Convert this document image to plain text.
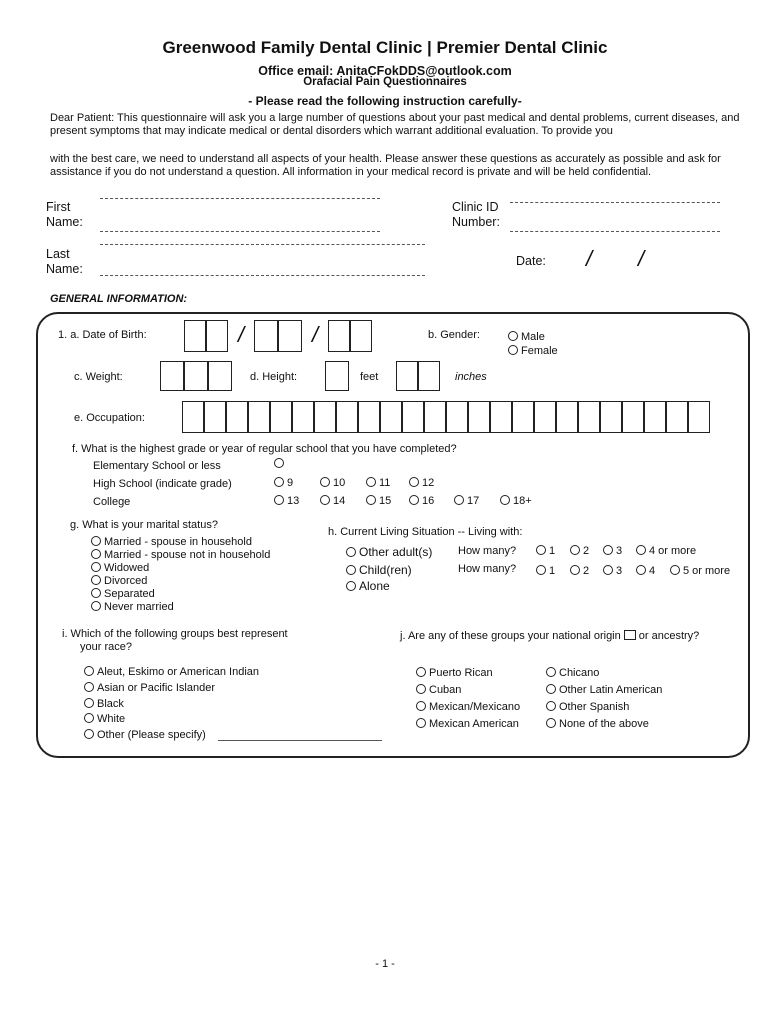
Greenwood Family Dental Clinic | Premier Dental Clinic
Office email: AnitaCFokDDS@outlook.com
Orafacial Pain Questionnaires
- Please read the following instruction carefully-
Dear Patient: This questionnaire will ask you a large number of questions about your past medical and dental problems, current diseases, and present symptoms that may indicate medical or dental disorders which warrant additional evaluation. To provide you
with the best care, we need to understand all aspects of your health. Please answer these questions as accurately as possible and ask for assistance if you do not understand a question. All information in your medical record is private and will be held confidential.
First
Name:
Last
Name:
Clinic ID
Number:
Date: / /
GENERAL INFORMATION:
1. a. Date of Birth:	/	/	b. Gender:	Male
Female
c. Weight:	d. Height:	feet	inches
e. Occupation:
f. What is the highest grade or year of regular school that you have completed?
Elementary School or less
High School (indicate grade)	9	10	11	12
College	13	14	15	16	17	18+
g. What is your marital status?
Married - spouse in household
Married - spouse not in household
Widowed
Divorced
Separated
Never married
h. Current Living Situation -- Living with:
Other adult(s) How many?	1	2	3	4 or more
Child(ren)	How many?	1	2	3	4	5 or more
Alone
i. Which of the following groups best represent
your race?
Aleut, Eskimo or American Indian
Asian or Pacific Islander
Black
White
Other (Please specify)
j. Are any of these groups your national origin or ancestry?
Puerto Rican
Cuban
Mexican/Mexicano
Mexican American
Chicano
Other Latin American
Other Spanish
None of the above
- 1 -
